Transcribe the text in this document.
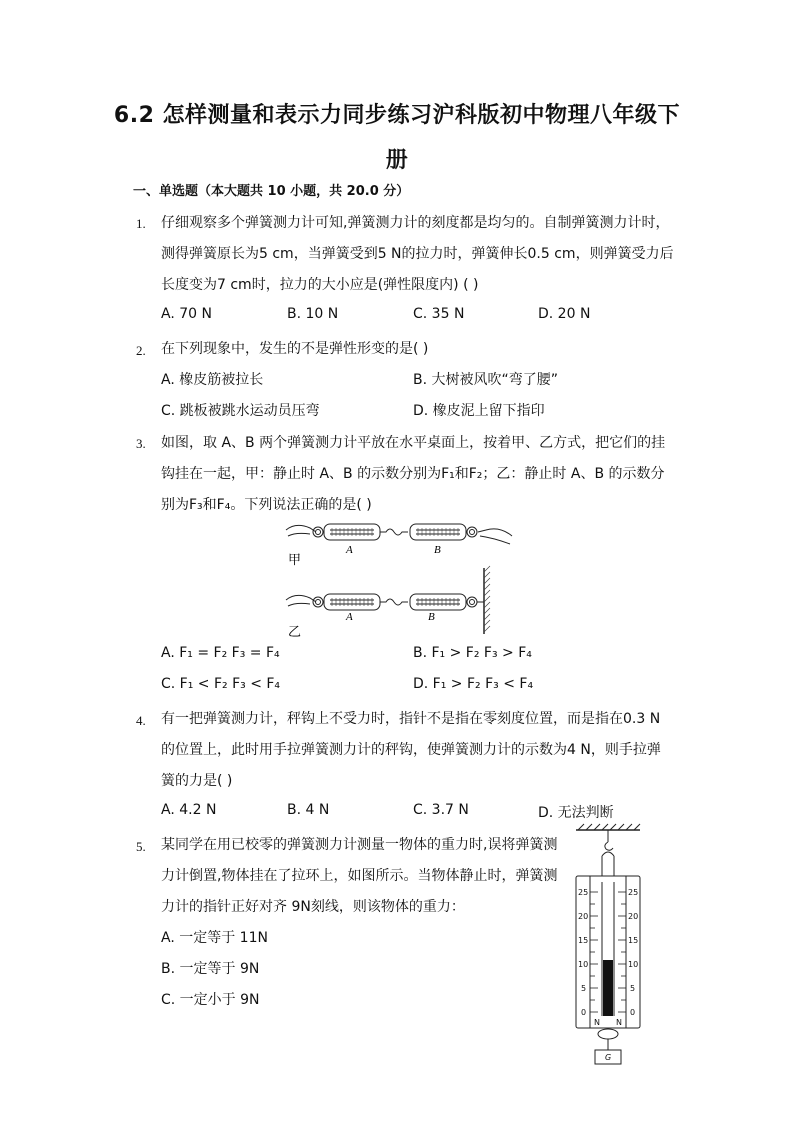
6.2 怎样测量和表示力同步练习沪科版初中物理八年级下
册
一、单选题（本大题共 10 小题，共 20.0 分）
1. 仔细观察多个弹簧测力计可知,弹簧测力计的刻度都是均匀的。自制弹簧测力计时，
测得弹簧原长为5 cm，当弹簧受到5 N的拉力时，弹簧伸长0.5 cm，则弹簧受力后
长度变为7 cm时，拉力的大小应是(弹性限度内) ( )
A. 70 N	B. 10 N	C. 35 N	D. 20 N
2. 在下列现象中，发生的不是弹性形变的是( )
A. 橡皮筋被拉长	B. 大树被风吹“弯了腰”
C. 跳板被跳水运动员压弯	D. 橡皮泥上留下指印
3. 如图，取 A、B 两个弹簧测力计平放在水平桌面上，按着甲、乙方式，把它们的挂
钩挂在一起，甲：静止时 A、B 的示数分别为F₁和F₂；乙：静止时 A、B 的示数分
别为F₃和F₄。下列说法正确的是( )
A	B
甲
A	B
乙
A. F₁ = F₂ F₃ = F₄	B. F₁ > F₂ F₃ > F₄
C. F₁ < F₂ F₃ < F₄	D. F₁ > F₂ F₃ < F₄
4. 有一把弹簧测力计，秤钩上不受力时，指针不是指在零刻度位置，而是指在0.3 N
的位置上，此时用手拉弹簧测力计的秤钩，使弹簧测力计的示数为4 N，则手拉弹
簧的力是( )
A. 4.2 N	B. 4 N	C. 3.7 N	D. 无法判断
5. 某同学在用已校零的弹簧测力计测量一物体的重力时,误将弹簧测
力计倒置,物体挂在了拉环上，如图所示。当物体静止时，弹簧测
力计的指针正好对齐 9N刻线，则该物体的重力：
A. 一定等于 11N
B. 一定等于 9N
C. 一定小于 9N
25
20
15
10
5
0
25
20
15
10
5
0
N N
G
